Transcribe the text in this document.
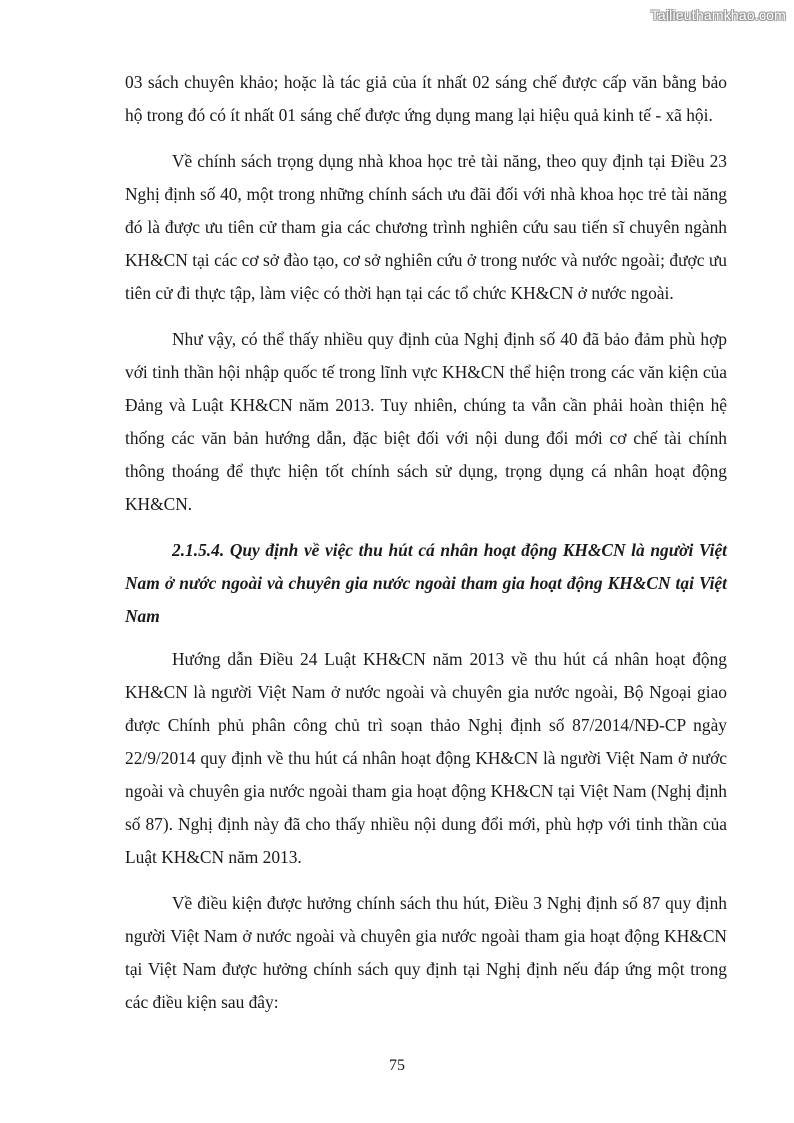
Tailieuthamkhao.com

03 sách chuyên khảo; hoặc là tác giả của ít nhất 02 sáng chế được cấp văn bằng bảo hộ trong đó có ít nhất 01 sáng chế được ứng dụng mang lại hiệu quả kinh tế - xã hội.

Về chính sách trọng dụng nhà khoa học trẻ tài năng, theo quy định tại Điều 23 Nghị định số 40, một trong những chính sách ưu đãi đối với nhà khoa học trẻ tài năng đó là được ưu tiên cử tham gia các chương trình nghiên cứu sau tiến sĩ chuyên ngành KH&CN tại các cơ sở đào tạo, cơ sở nghiên cứu ở trong nước và nước ngoài; được ưu tiên cử đi thực tập, làm việc có thời hạn tại các tổ chức KH&CN ở nước ngoài.

Như vậy, có thể thấy nhiều quy định của Nghị định số 40 đã bảo đảm phù hợp với tinh thần hội nhập quốc tế trong lĩnh vực KH&CN thể hiện trong các văn kiện của Đảng và Luật KH&CN năm 2013. Tuy nhiên, chúng ta vẫn cần phải hoàn thiện hệ thống các văn bản hướng dẫn, đặc biệt đối với nội dung đổi mới cơ chế tài chính thông thoáng để thực hiện tốt chính sách sử dụng, trọng dụng cá nhân hoạt động KH&CN.

2.1.5.4. Quy định về việc thu hút cá nhân hoạt động KH&CN là người Việt Nam ở nước ngoài và chuyên gia nước ngoài tham gia hoạt động KH&CN tại Việt Nam

Hướng dẫn Điều 24 Luật KH&CN năm 2013 về thu hút cá nhân hoạt động KH&CN là người Việt Nam ở nước ngoài và chuyên gia nước ngoài, Bộ Ngoại giao được Chính phủ phân công chủ trì soạn thảo Nghị định số 87/2014/NĐ-CP ngày 22/9/2014 quy định về thu hút cá nhân hoạt động KH&CN là người Việt Nam ở nước ngoài và chuyên gia nước ngoài tham gia hoạt động KH&CN tại Việt Nam (Nghị định số 87). Nghị định này đã cho thấy nhiều nội dung đổi mới, phù hợp với tinh thần của Luật KH&CN năm 2013.

Về điều kiện được hưởng chính sách thu hút, Điều 3 Nghị định số 87 quy định người Việt Nam ở nước ngoài và chuyên gia nước ngoài tham gia hoạt động KH&CN tại Việt Nam được hưởng chính sách quy định tại Nghị định nếu đáp ứng một trong các điều kiện sau đây:

75
